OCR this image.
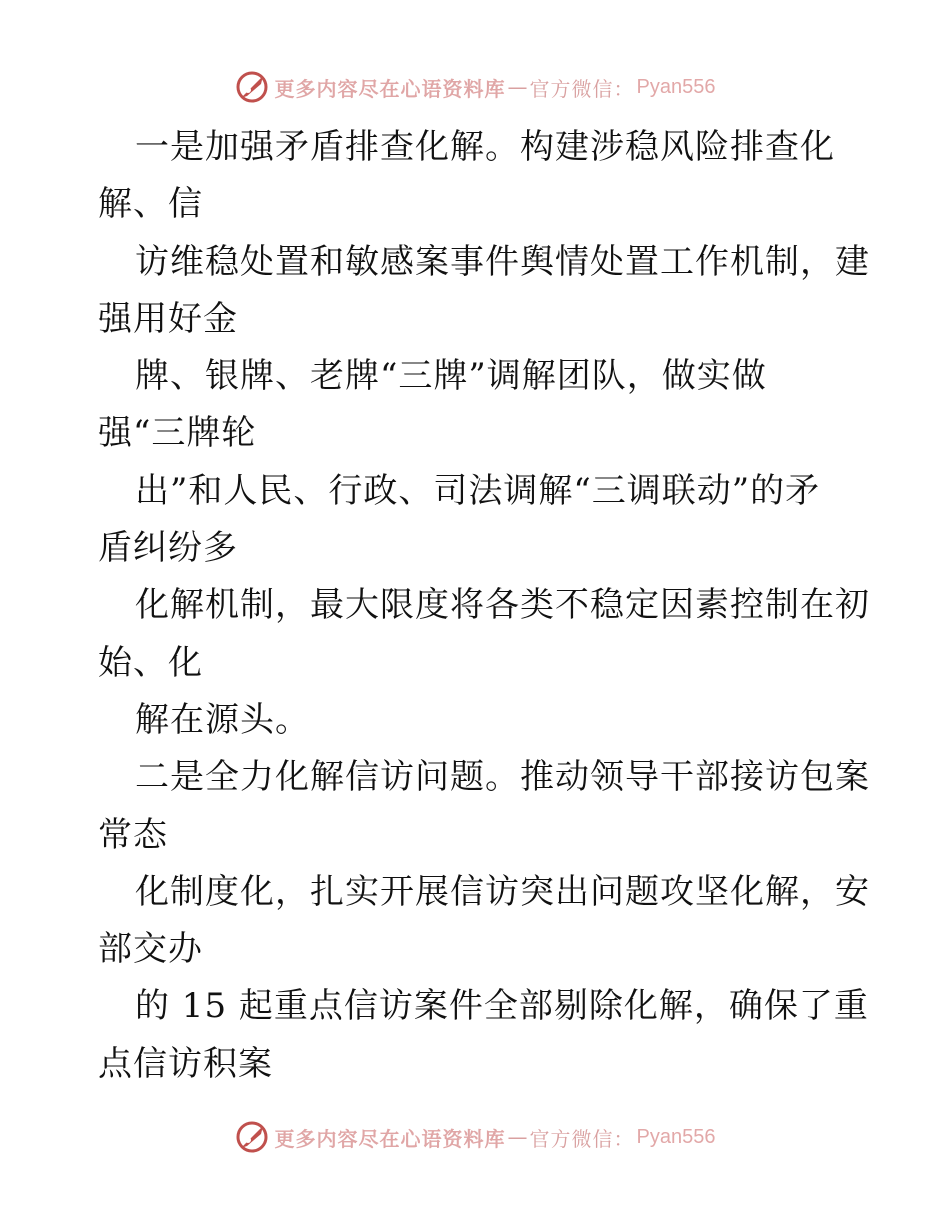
更多内容尽在心语资料库 — 官方微信： Pyan556
一是加强矛盾排查化解。构建涉稳风险排查化
解、信
访维稳处置和敏感案事件舆情处置工作机制，建
强用好金
牌、银牌、老牌“三牌”调解团队，做实做
强“三牌轮
出”和人民、行政、司法调解“三调联动”的矛
盾纠纷多
化解机制，最大限度将各类不稳定因素控制在初
始、化
解在源头。
二是全力化解信访问题。推动领导干部接访包案
常态
化制度化，扎实开展信访突出问题攻坚化解，安
部交办
的 15 起重点信访案件全部剔除化解，确保了重
点信访积案
更多内容尽在心语资料库 — 官方微信： Pyan556
